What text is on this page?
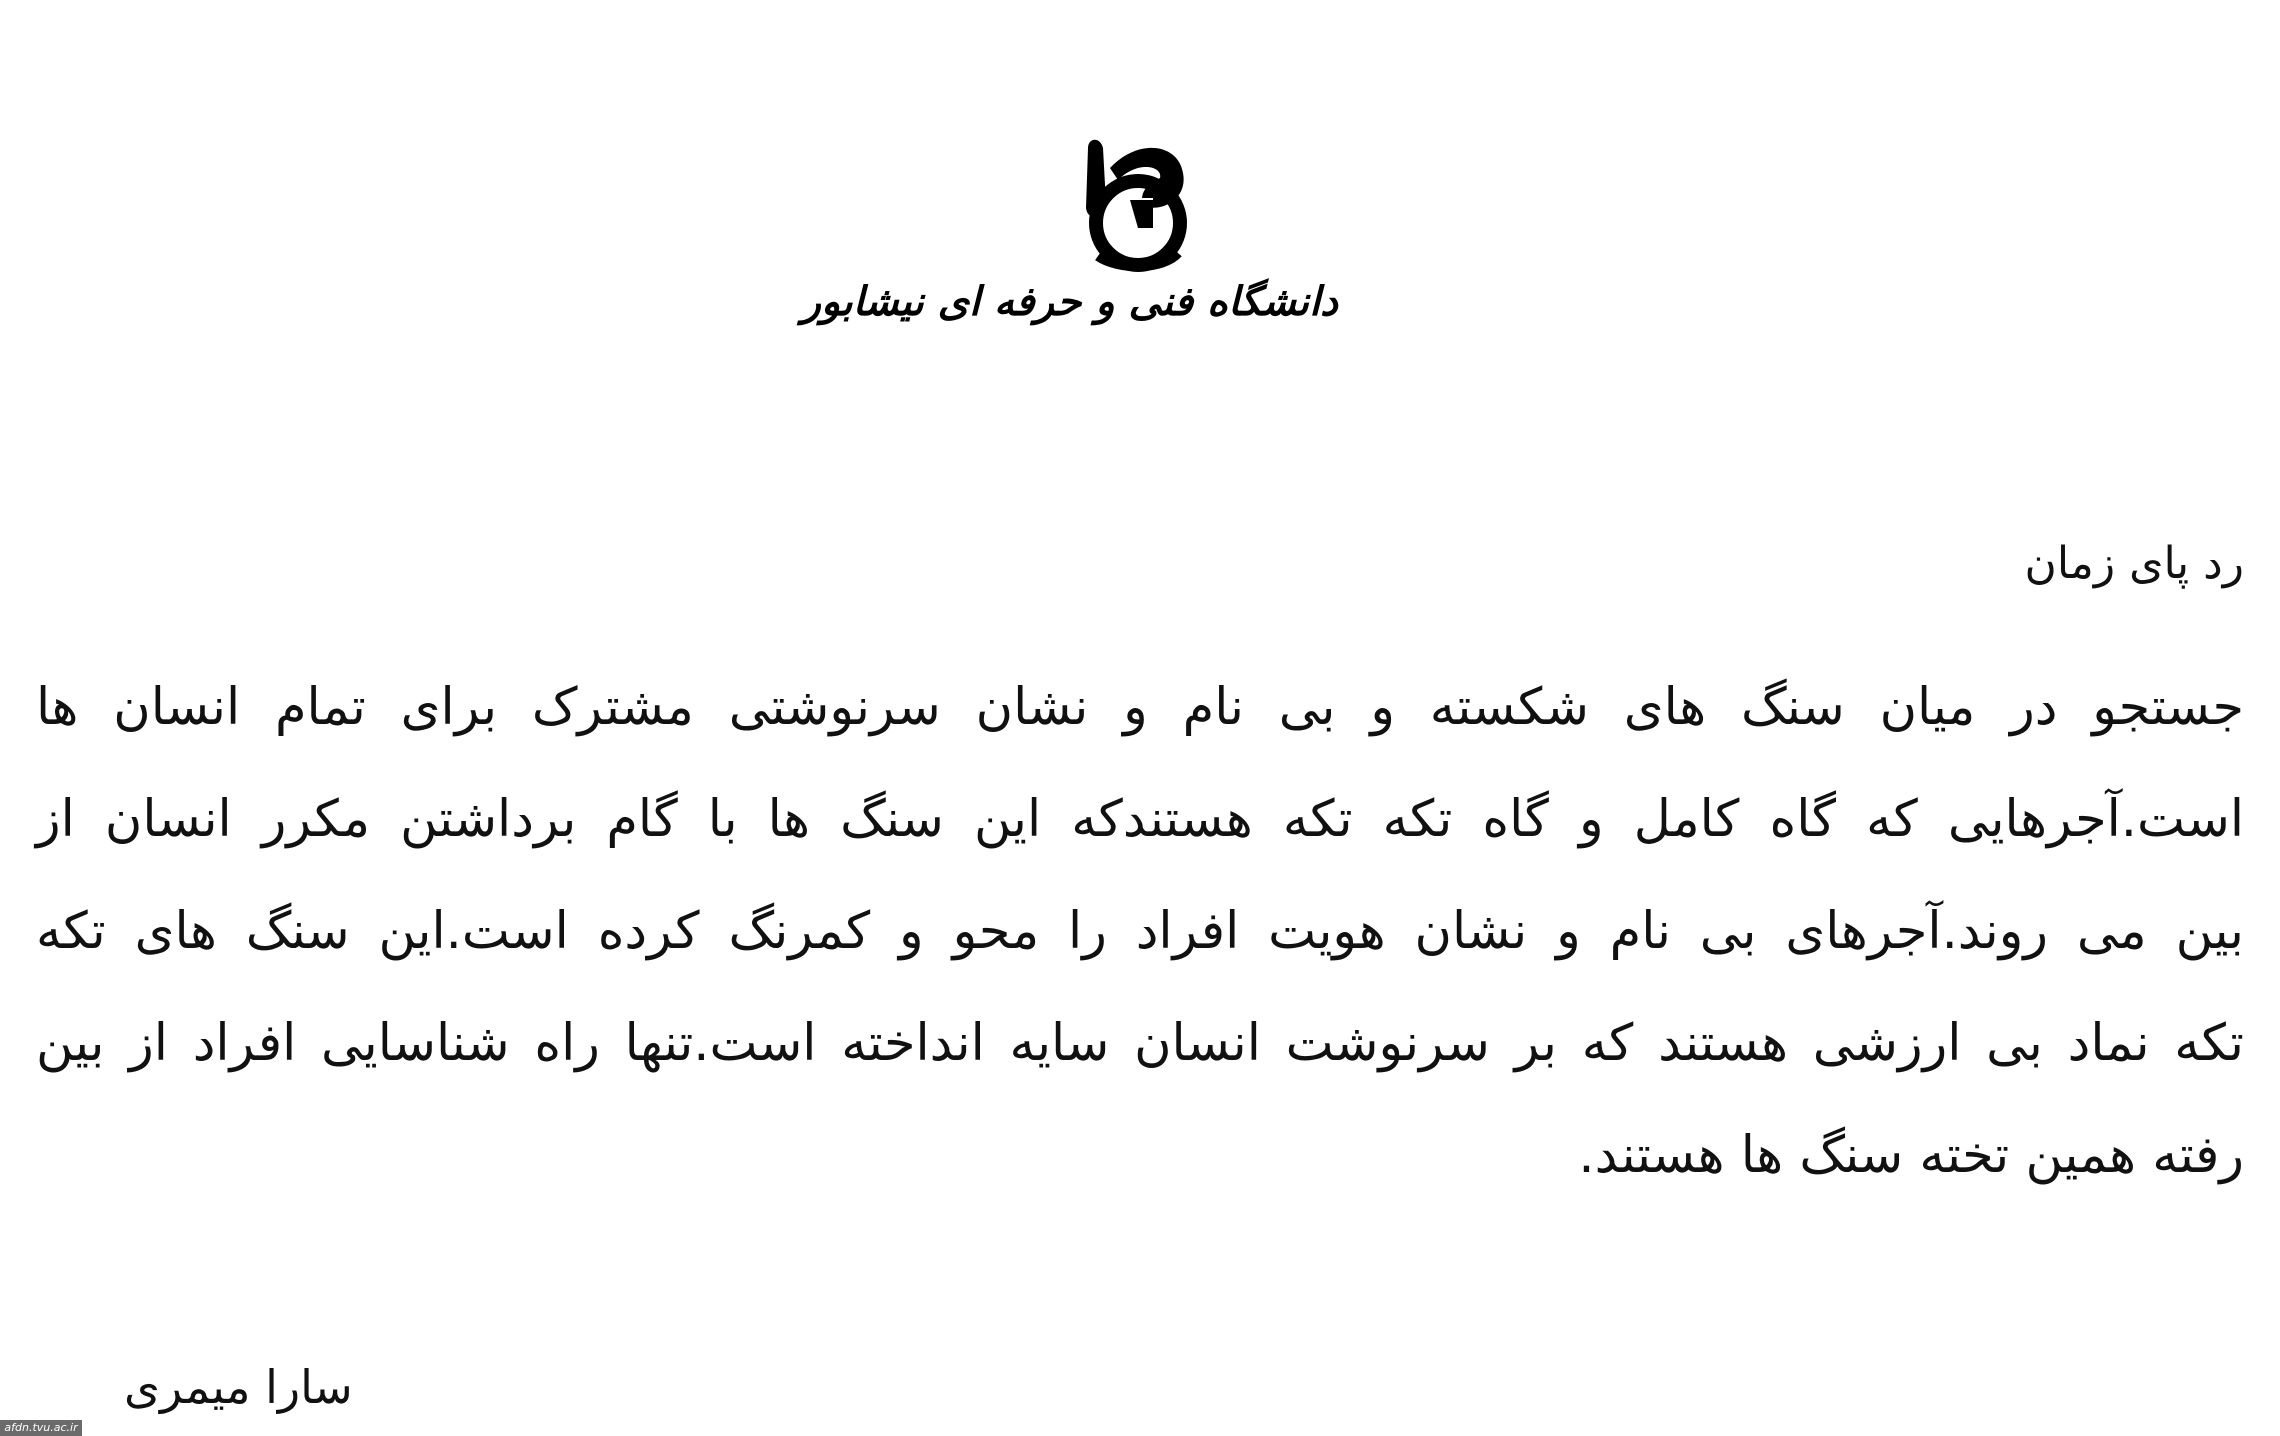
دانشگاه فنی و حرفه ای نیشابور
رد پای زمان
جستجو در میان سنگ های شکسته و بی نام و نشان سرنوشتی مشترک برای تمام انسان ها
است.آجرهایی که گاه کامل و گاه تکه تکه هستندکه این سنگ ها با گام برداشتن مکرر انسان از
بین می روند.آجرهای بی نام و نشان هویت افراد را محو و کمرنگ کرده است.این سنگ های تکه
تکه نماد بی ارزشی هستند که بر سرنوشت انسان سایه انداخته است.تنها راه شناسایی افراد از بین
رفته همین تخته سنگ ها هستند.
سارا میمری
afdn.tvu.ac.ir
